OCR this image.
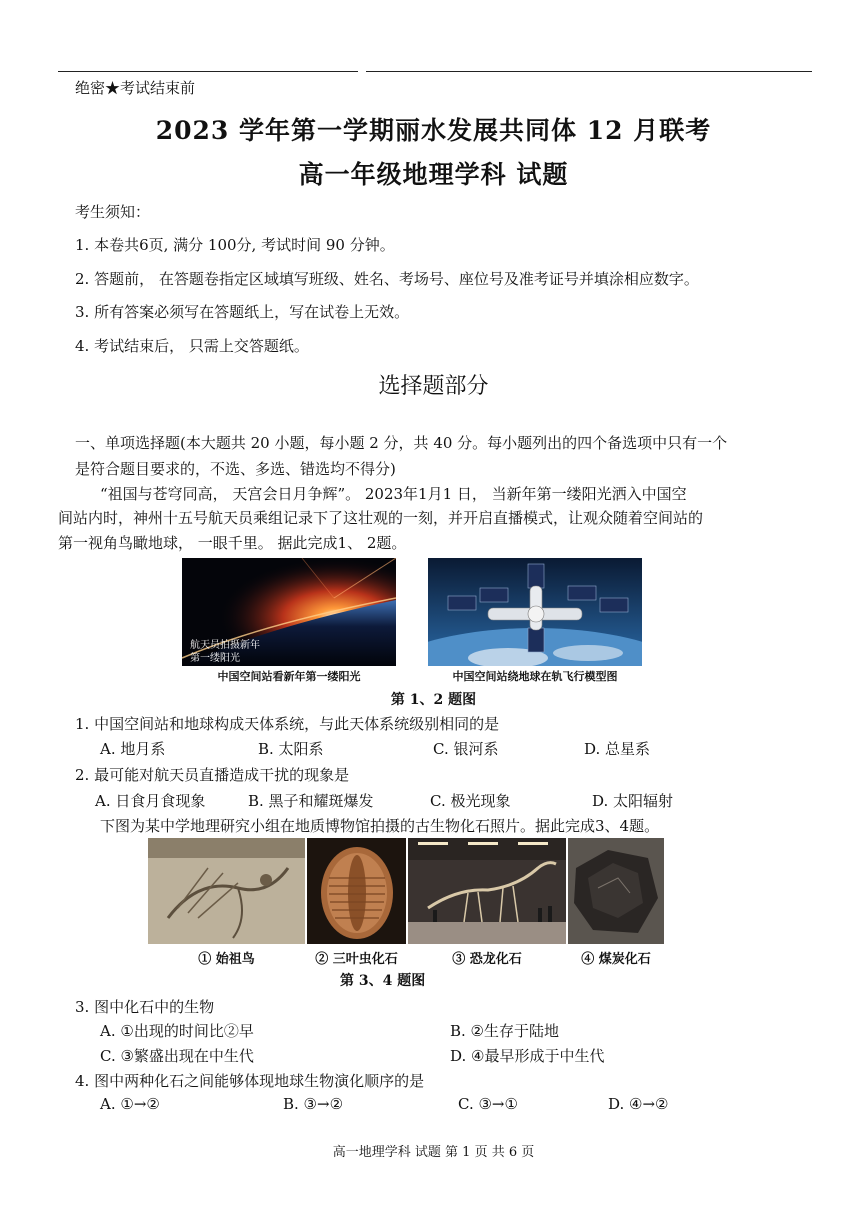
绝密★考试结束前
2023 学年第一学期丽水发展共同体 12 月联考
高一年级地理学科 试题
考生须知：
1. 本卷共6页, 满分 100分, 考试时间 90 分钟。
2. 答题前， 在答题卷指定区域填写班级、姓名、考场号、座位号及准考证号并填涂相应数字。
3. 所有答案必须写在答题纸上，写在试卷上无效。
4. 考试结束后， 只需上交答题纸。
选择题部分
一、单项选择题(本大题共 20 小题，每小题 2 分，共 40 分。每小题列出的四个备选项中只有一个
是符合题目要求的，不选、多选、错选均不得分)
“祖国与苍穹同高， 天宫会日月争辉”。 2023年1月1 日， 当新年第一缕阳光洒入中国空
间站内时，神州十五号航天员乘组记录下了这壮观的一刻，并开启直播模式，让观众随着空间站的
第一视角鸟瞰地球， 一眼千里。 据此完成1、 2题。
航天员拍摄新年
第一缕阳光
中国空间站看新年第一缕阳光	中国空间站绕地球在轨飞行模型图
第 1、2 题图
1. 中国空间站和地球构成天体系统，与此天体系统级别相同的是
A. 地月系	B. 太阳系	C. 银河系	D. 总星系
2. 最可能对航天员直播造成干扰的现象是
A. 日食月食现象	B. 黑子和耀斑爆发	C. 极光现象	D. 太阳辐射
下图为某中学地理研究小组在地质博物馆拍摄的古生物化石照片。据此完成3、4题。
① 始祖鸟	② 三叶虫化石	③ 恐龙化石	④ 煤炭化石
第 3、4 题图
3. 图中化石中的生物
A. ①出现的时间比②早	B. ②生存于陆地
C. ③繁盛出现在中生代	D. ④最早形成于中生代
4. 图中两种化石之间能够体现地球生物演化顺序的是
A. ①→②	B. ③→②	C. ③→①	D. ④→②
高一地理学科 试题 第 1 页 共 6 页
